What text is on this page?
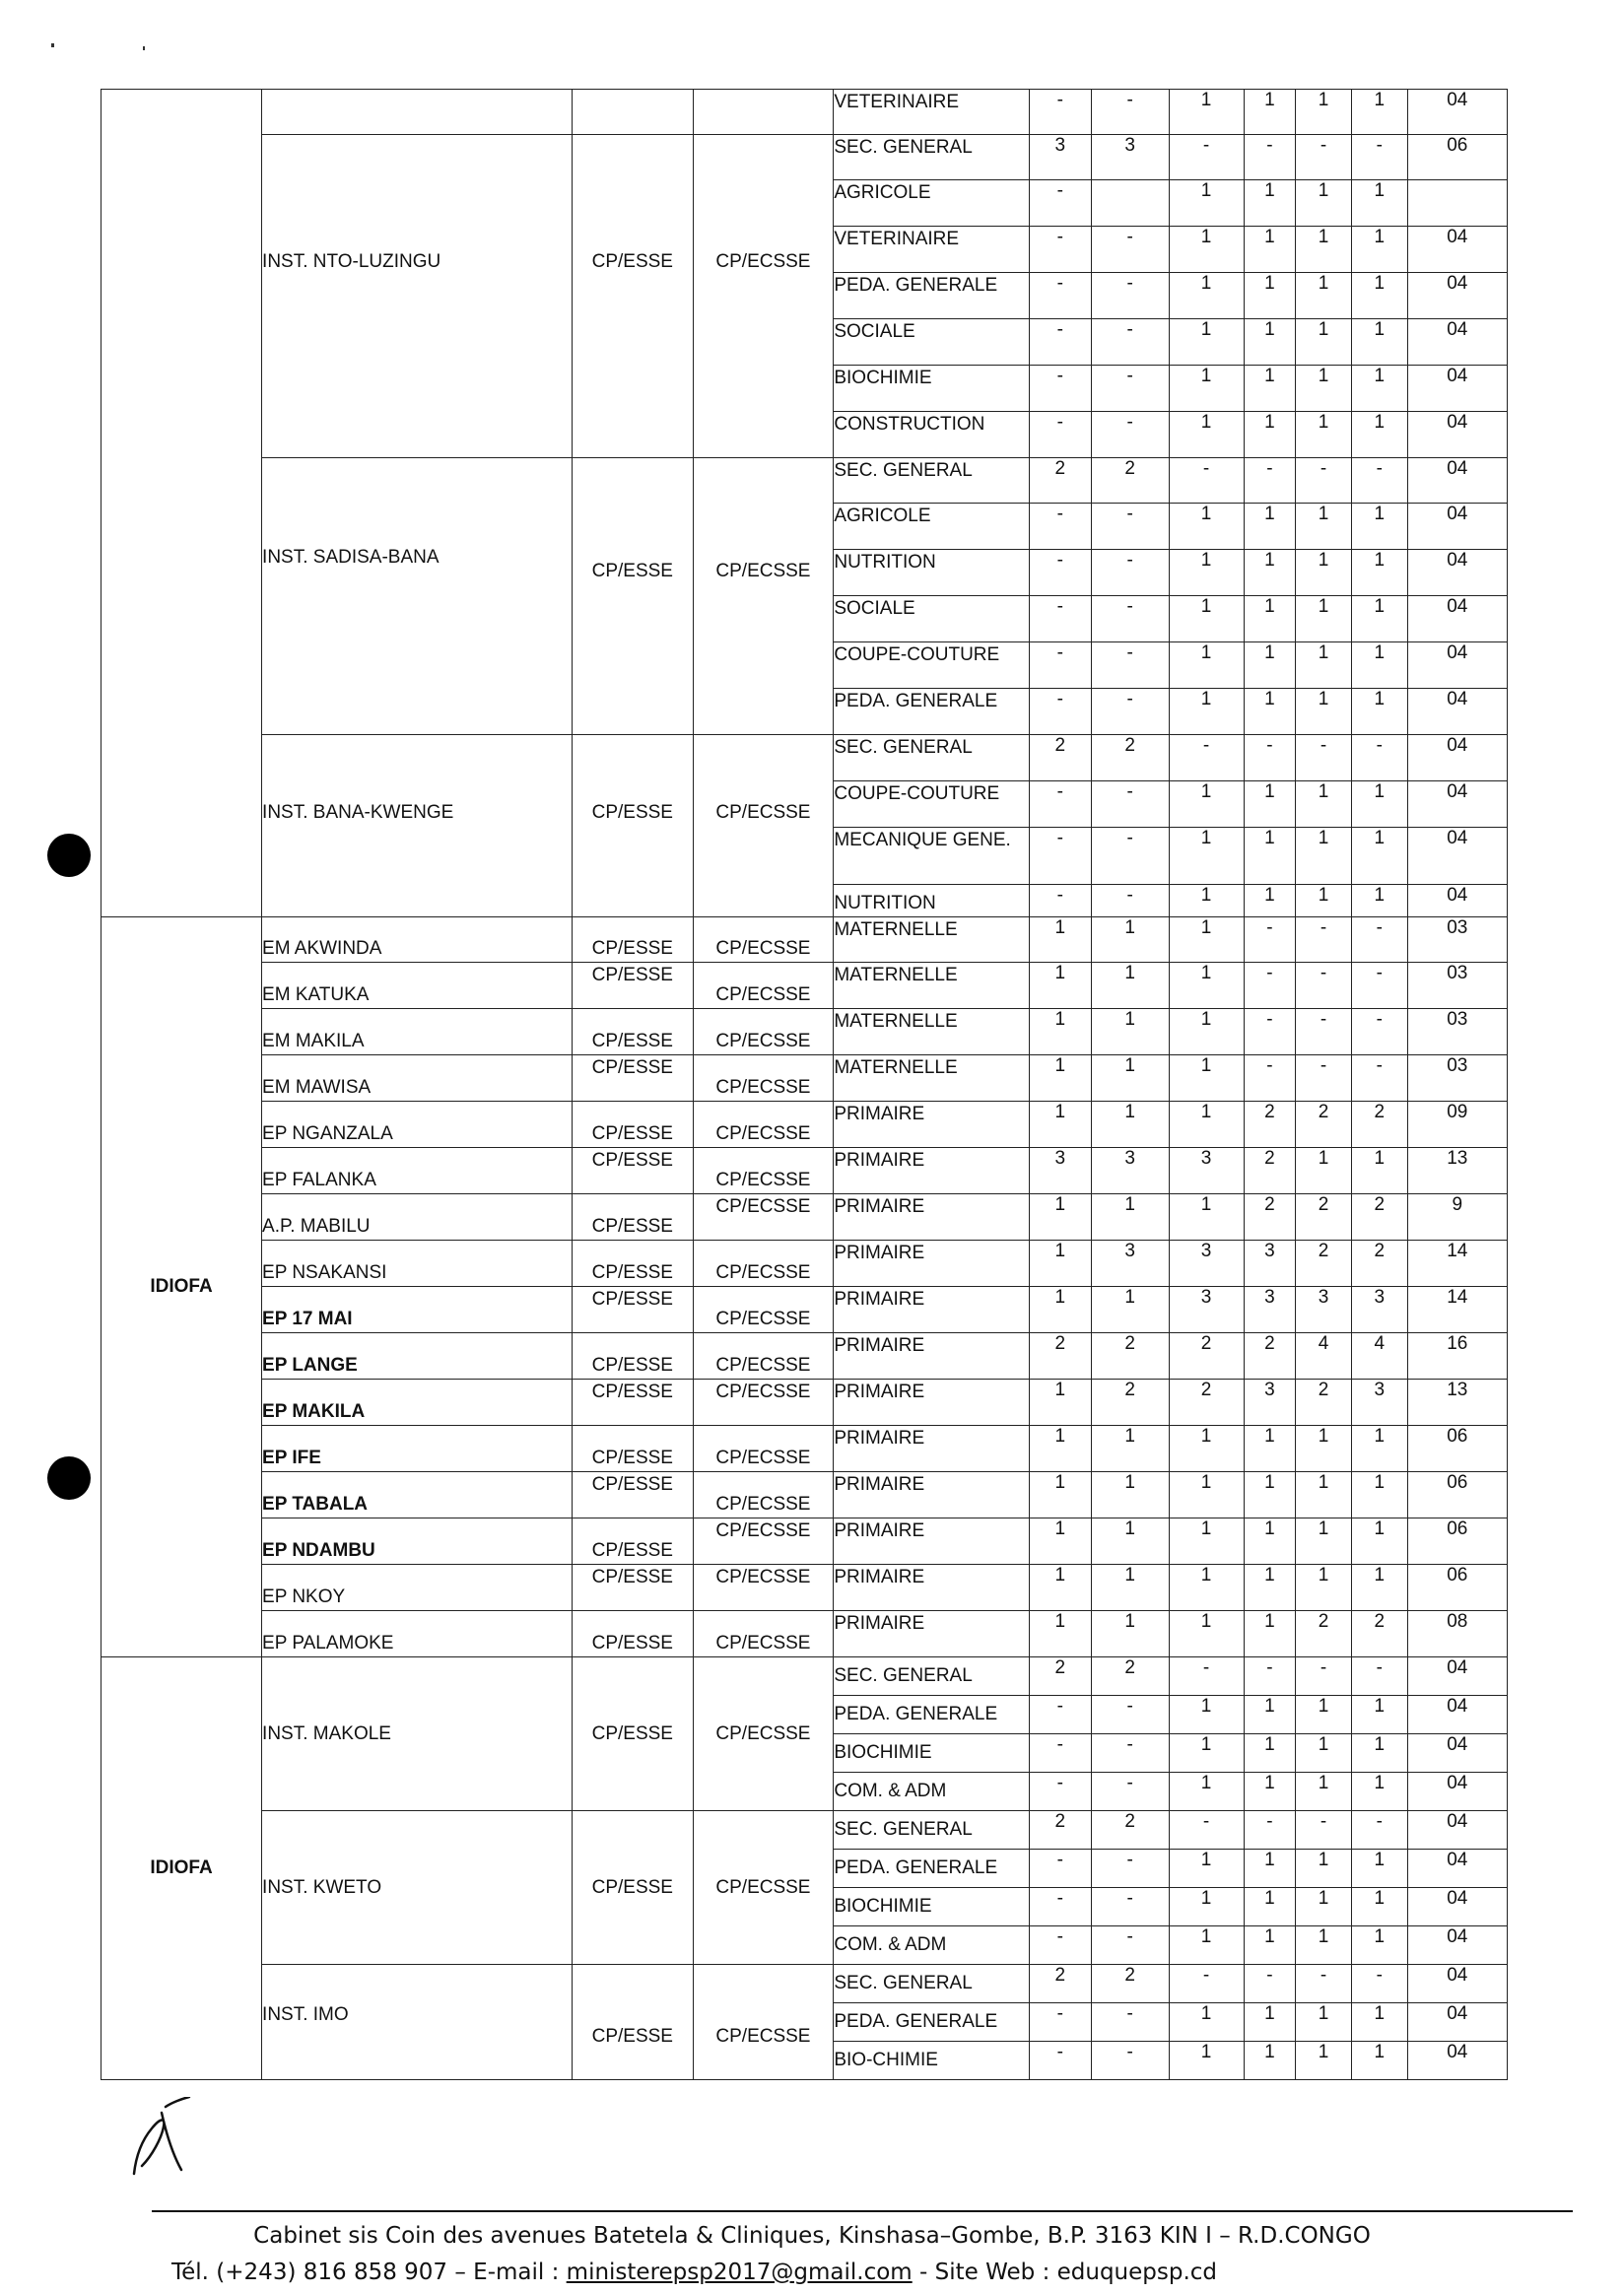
				VETERINAIRE	-	-	1	1	1	1	04
	INST. NTO-LUZINGU	CP/ESSE	CP/ECSSE	SEC. GENERAL	3	3	-	-	-	-	06
				AGRICOLE	-		1	1	1	1	
				VETERINAIRE	-	-	1	1	1	1	04
				PEDA. GENERALE	-	-	1	1	1	1	04
				SOCIALE	-	-	1	1	1	1	04
				BIOCHIMIE	-	-	1	1	1	1	04
				CONSTRUCTION	-	-	1	1	1	1	04
	INST. SADISA-BANA	CP/ESSE	CP/ECSSE	SEC. GENERAL	2	2	-	-	-	-	04
				AGRICOLE	-	-	1	1	1	1	04
				NUTRITION	-	-	1	1	1	1	04
				SOCIALE	-	-	1	1	1	1	04
				COUPE-COUTURE	-	-	1	1	1	1	04
				PEDA. GENERALE	-	-	1	1	1	1	04
	INST. BANA-KWENGE	CP/ESSE	CP/ECSSE	SEC. GENERAL	2	2	-	-	-	-	04
				COUPE-COUTURE	-	-	1	1	1	1	04
				MECANIQUE GENE.	-	-	1	1	1	1	04
				NUTRITION	-	-	1	1	1	1	04
IDIOFA	EM AKWINDA	CP/ESSE	CP/ECSSE	MATERNELLE	1	1	1	-	-	-	03
	EM KATUKA	CP/ESSE	CP/ECSSE	MATERNELLE	1	1	1	-	-	-	03
	EM MAKILA	CP/ESSE	CP/ECSSE	MATERNELLE	1	1	1	-	-	-	03
	EM MAWISA	CP/ESSE	CP/ECSSE	MATERNELLE	1	1	1	-	-	-	03
	EP NGANZALA	CP/ESSE	CP/ECSSE	PRIMAIRE	1	1	1	2	2	2	09
	EP FALANKA	CP/ESSE	CP/ECSSE	PRIMAIRE	3	3	3	2	1	1	13
	A.P. MABILU	CP/ESSE	CP/ECSSE	PRIMAIRE	1	1	1	2	2	2	9
	EP NSAKANSI	CP/ESSE	CP/ECSSE	PRIMAIRE	1	3	3	3	2	2	14
	EP 17 MAI	CP/ESSE	CP/ECSSE	PRIMAIRE	1	1	3	3	3	3	14
	EP LANGE	CP/ESSE	CP/ECSSE	PRIMAIRE	2	2	2	2	4	4	16
	EP MAKILA	CP/ESSE	CP/ECSSE	PRIMAIRE	1	2	2	3	2	3	13
	EP IFE	CP/ESSE	CP/ECSSE	PRIMAIRE	1	1	1	1	1	1	06
	EP TABALA	CP/ESSE	CP/ECSSE	PRIMAIRE	1	1	1	1	1	1	06
	EP NDAMBU	CP/ESSE	CP/ECSSE	PRIMAIRE	1	1	1	1	1	1	06
	EP NKOY	CP/ESSE	CP/ECSSE	PRIMAIRE	1	1	1	1	1	1	06
	EP PALAMOKE	CP/ESSE	CP/ECSSE	PRIMAIRE	1	1	1	1	2	2	08
IDIOFA	INST. MAKOLE	CP/ESSE	CP/ECSSE	SEC. GENERAL	2	2	-	-	-	-	04
				PEDA. GENERALE	-	-	1	1	1	1	04
				BIOCHIMIE	-	-	1	1	1	1	04
				COM. & ADM	-	-	1	1	1	1	04
	INST. KWETO	CP/ESSE	CP/ECSSE	SEC. GENERAL	2	2	-	-	-	-	04
				PEDA. GENERALE	-	-	1	1	1	1	04
				BIOCHIMIE	-	-	1	1	1	1	04
				COM. & ADM	-	-	1	1	1	1	04
	INST. IMO	CP/ESSE	CP/ECSSE	SEC. GENERAL	2	2	-	-	-	-	04
				PEDA. GENERALE	-	-	1	1	1	1	04
				BIO-CHIMIE	-	-	1	1	1	1	04
Cabinet sis Coin des avenues Batetela & Cliniques, Kinshasa–Gombe, B.P. 3163 KIN I – R.D.CONGO
Tél. (+243) 816 858 907 – E-mail : ministerepsp2017@gmail.com - Site Web : eduquepsp.cd
